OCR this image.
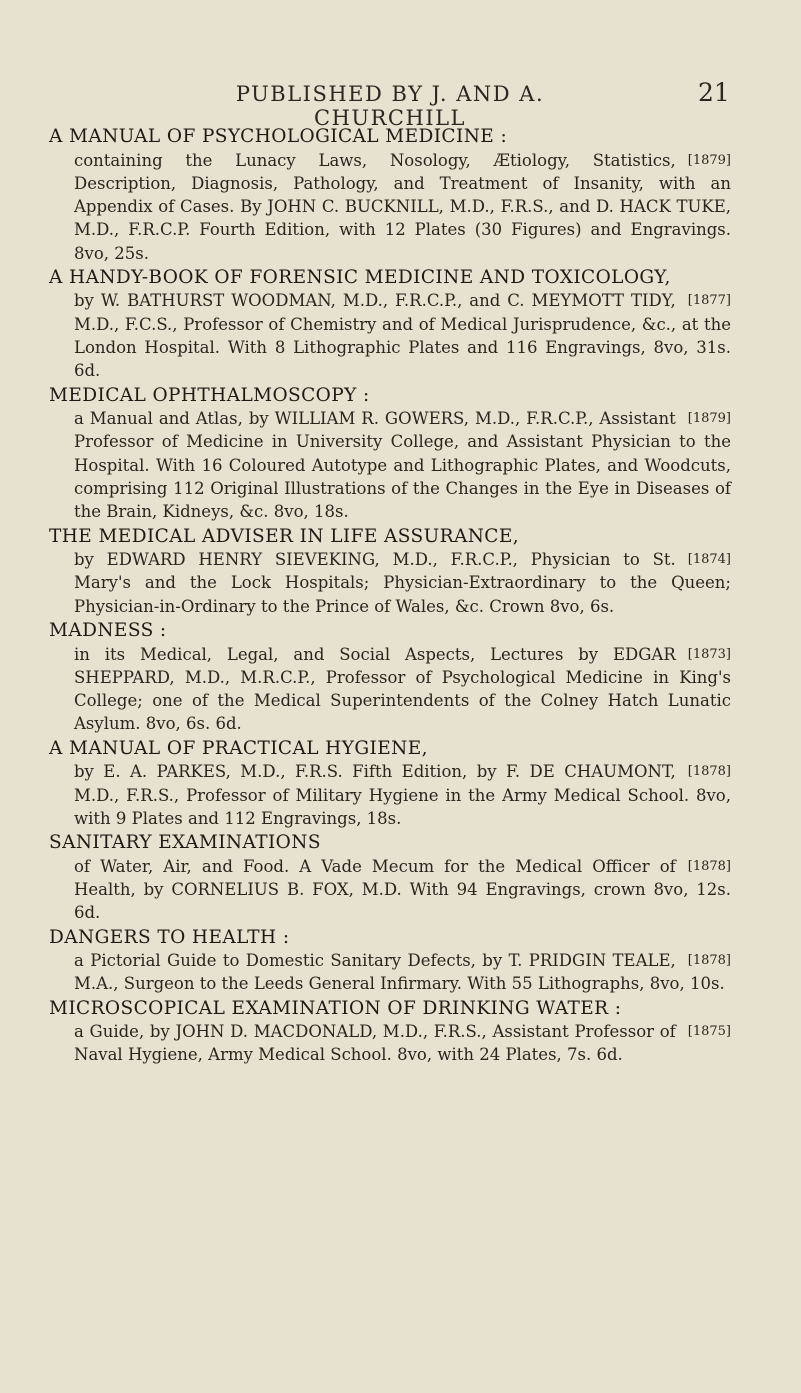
PUBLISHED BY J. AND A. CHURCHILL
21
A MANUAL OF PSYCHOLOGICAL MEDICINE :
[1879]
containing the Lunacy Laws, Nosology, Ætiology, Statistics, Description, Diagnosis, Pathology, and Treatment of Insanity, with an Appendix of Cases. By JOHN C. BUCKNILL, M.D., F.R.S., and D. HACK TUKE, M.D., F.R.C.P. Fourth Edition, with 12 Plates (30 Figures) and Engravings. 8vo, 25s.
A HANDY-BOOK OF FORENSIC MEDICINE AND TOXICOLOGY,
[1877]
by W. BATHURST WOODMAN, M.D., F.R.C.P., and C. MEYMOTT TIDY, M.D., F.C.S., Professor of Chemistry and of Medical Jurisprudence, &c., at the London Hospital. With 8 Lithographic Plates and 116 Engravings, 8vo, 31s. 6d.
MEDICAL OPHTHALMOSCOPY :
[1879]
a Manual and Atlas, by WILLIAM R. GOWERS, M.D., F.R.C.P., Assistant Professor of Medicine in University College, and Assistant Physician to the Hospital. With 16 Coloured Autotype and Lithographic Plates, and Woodcuts, comprising 112 Original Illustrations of the Changes in the Eye in Diseases of the Brain, Kidneys, &c. 8vo, 18s.
THE MEDICAL ADVISER IN LIFE ASSURANCE,
[1874]
by EDWARD HENRY SIEVEKING, M.D., F.R.C.P., Physician to St. Mary's and the Lock Hospitals; Physician-Extraordinary to the Queen; Physician-in-Ordinary to the Prince of Wales, &c. Crown 8vo, 6s.
MADNESS :
[1873]
in its Medical, Legal, and Social Aspects, Lectures by EDGAR SHEPPARD, M.D., M.R.C.P., Professor of Psychological Medicine in King's College; one of the Medical Superintendents of the Colney Hatch Lunatic Asylum. 8vo, 6s. 6d.
A MANUAL OF PRACTICAL HYGIENE,
[1878]
by E. A. PARKES, M.D., F.R.S. Fifth Edition, by F. DE CHAUMONT, M.D., F.R.S., Professor of Military Hygiene in the Army Medical School. 8vo, with 9 Plates and 112 Engravings, 18s.
SANITARY EXAMINATIONS
[1878]
of Water, Air, and Food. A Vade Mecum for the Medical Officer of Health, by CORNELIUS B. FOX, M.D. With 94 Engravings, crown 8vo, 12s. 6d.
DANGERS TO HEALTH :
[1878]
a Pictorial Guide to Domestic Sanitary Defects, by T. PRIDGIN TEALE, M.A., Surgeon to the Leeds General Infirmary. With 55 Lithographs, 8vo, 10s.
MICROSCOPICAL EXAMINATION OF DRINKING WATER :
[1875]
a Guide, by JOHN D. MACDONALD, M.D., F.R.S., Assistant Professor of Naval Hygiene, Army Medical School. 8vo, with 24 Plates, 7s. 6d.
